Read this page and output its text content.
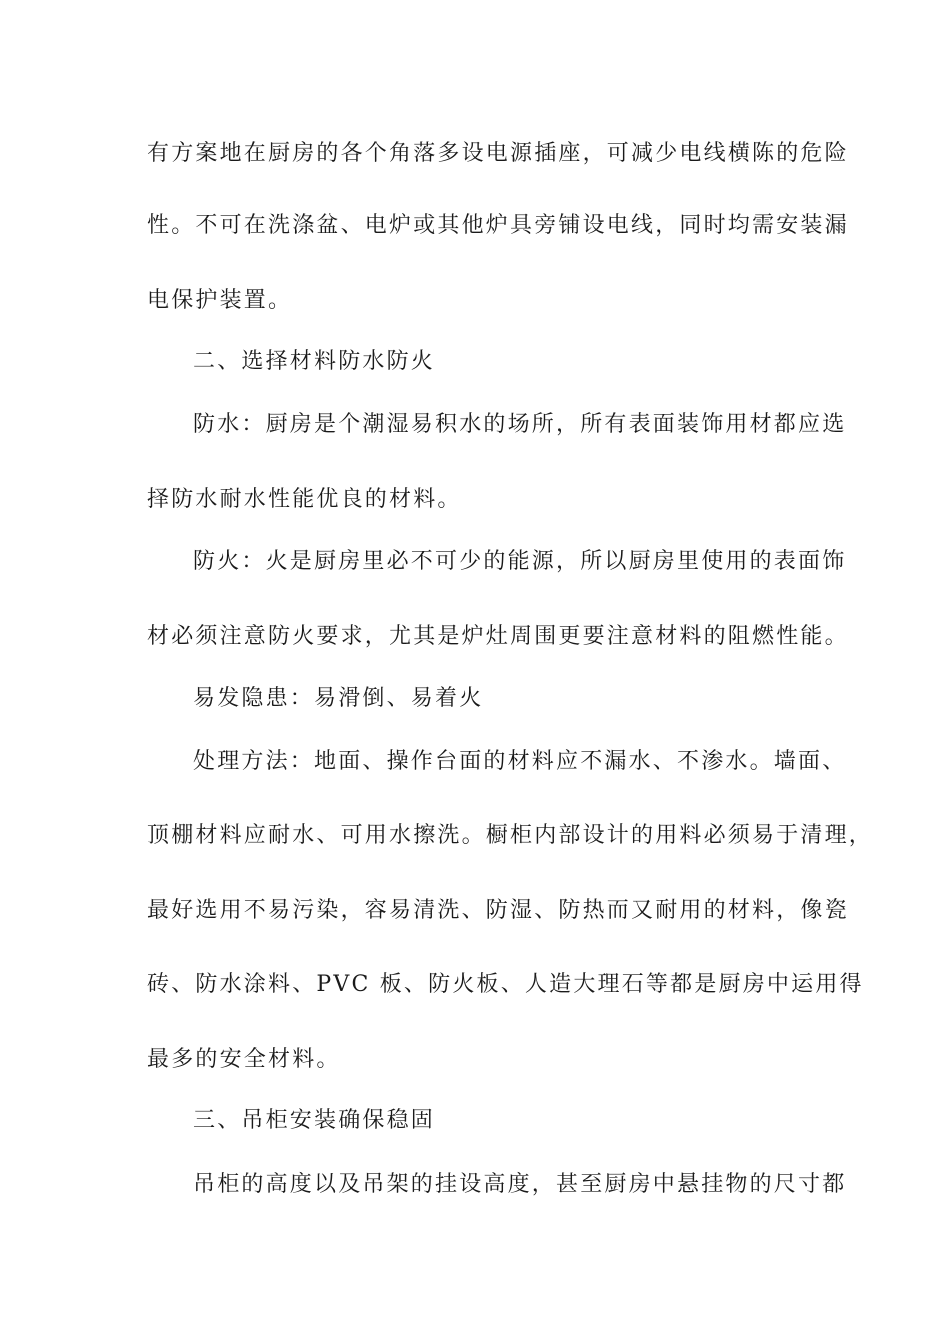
有方案地在厨房的各个角落多设电源插座，可减少电线横陈的危险
性。不可在洗涤盆、电炉或其他炉具旁铺设电线，同时均需安装漏
电保护装置。
二、选择材料防水防火
防水：厨房是个潮湿易积水的场所，所有表面装饰用材都应选
择防水耐水性能优良的材料。
防火：火是厨房里必不可少的能源，所以厨房里使用的表面饰
材必须注意防火要求，尤其是炉灶周围更要注意材料的阻燃性能。
易发隐患：易滑倒、易着火
处理方法：地面、操作台面的材料应不漏水、不渗水。墙面、
顶棚材料应耐水、可用水擦洗。橱柜内部设计的用料必须易于清理，
最好选用不易污染，容易清洗、防湿、防热而又耐用的材料，像瓷
砖、防水涂料、PVC 板、防火板、人造大理石等都是厨房中运用得
最多的安全材料。
三、吊柜安装确保稳固
吊柜的高度以及吊架的挂设高度，甚至厨房中悬挂物的尺寸都
